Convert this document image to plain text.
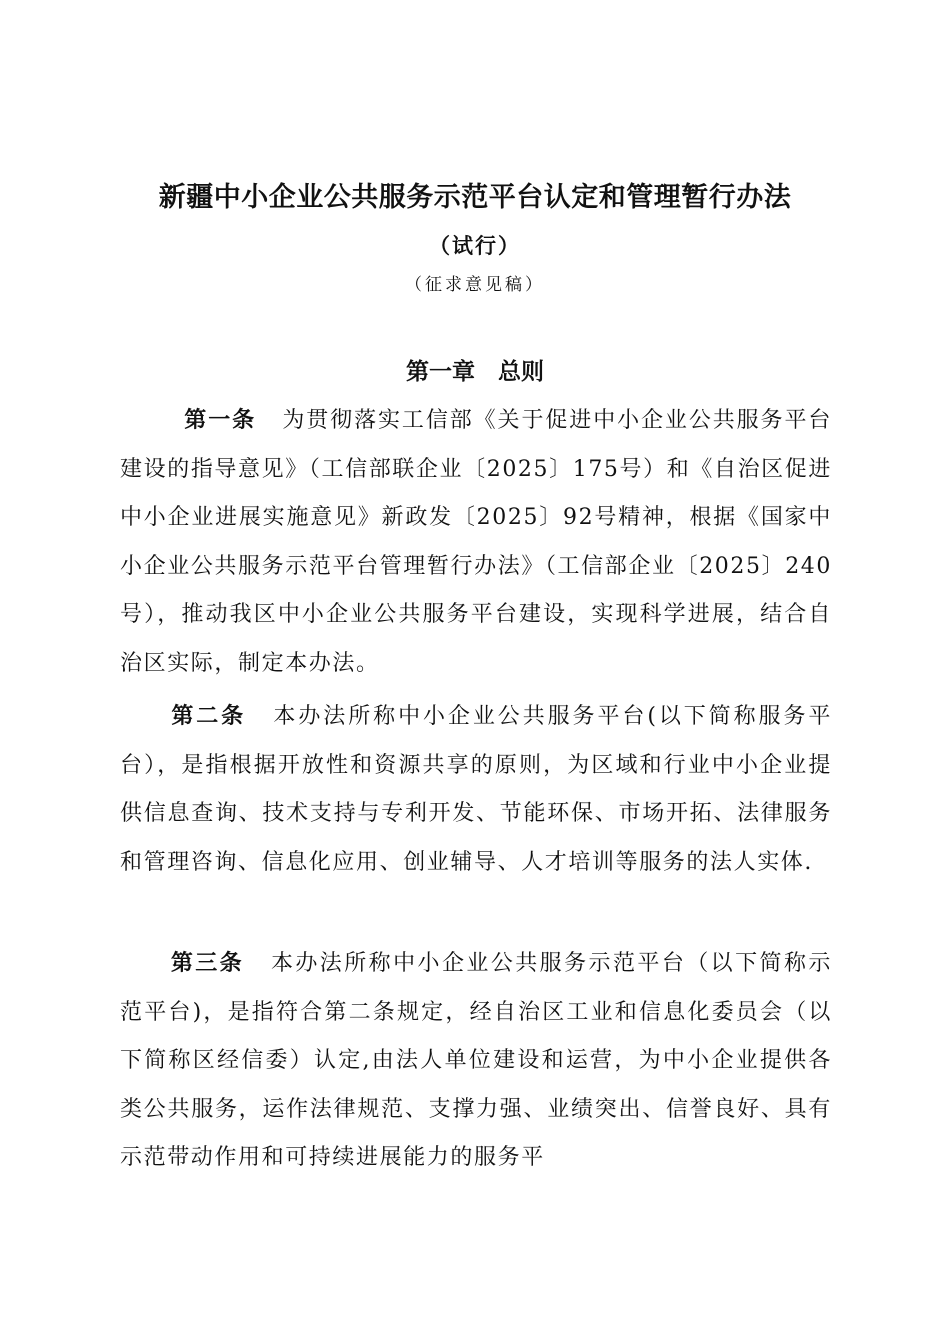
新疆中小企业公共服务示范平台认定和管理暂行办法
（试行）
（征求意见稿）
第一章　总则

第一条 为贯彻落实工信部《关于促进中小企业公共服务平台建设的指导意见》（工信部联企业〔2025〕175号）和《自治区促进中小企业进展实施意见》新政发〔2025〕92号精神，根据《国家中小企业公共服务示范平台管理暂行办法》（工信部企业〔2025〕240号），推动我区中小企业公共服务平台建设，实现科学进展，结合自治区实际，制定本办法。

第二条 本办法所称中小企业公共服务平台(以下简称服务平台），是指根据开放性和资源共享的原则，为区域和行业中小企业提供信息查询、技术支持与专利开发、节能环保、市场开拓、法律服务和管理咨询、信息化应用、创业辅导、人才培训等服务的法人实体.

第三条 本办法所称中小企业公共服务示范平台（以下简称示范平台)，是指符合第二条规定，经自治区工业和信息化委员会（以下简称区经信委）认定,由法人单位建设和运营，为中小企业提供各类公共服务，运作法律规范、支撑力强、业绩突出、信誉良好、具有示范带动作用和可持续进展能力的服务平
